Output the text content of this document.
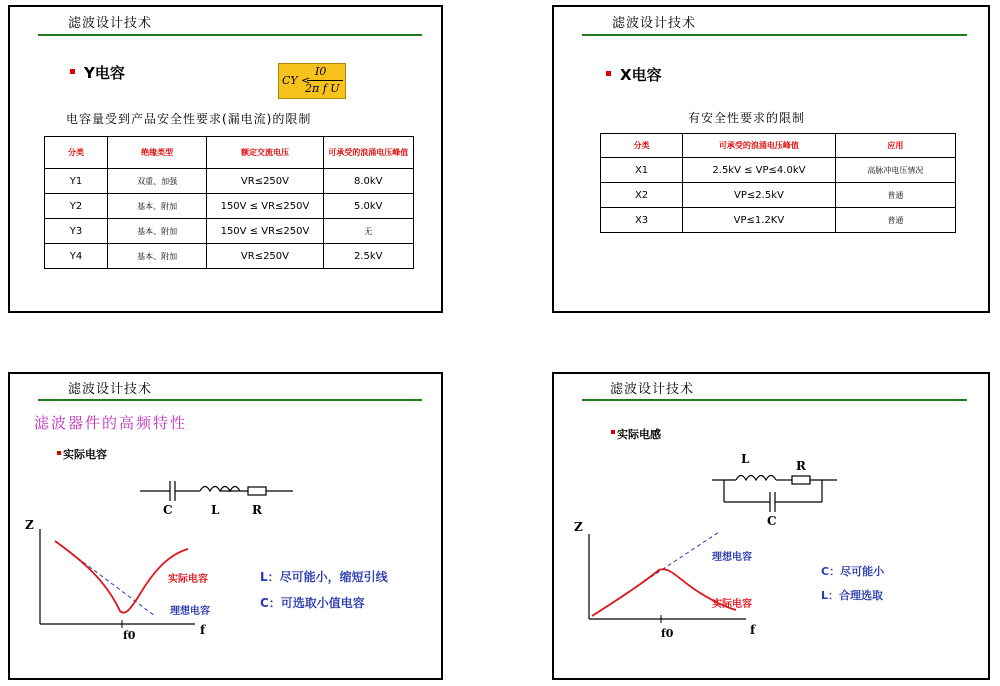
滤波设计技术
Y电容	CY <
I0
2π f U
电容量受到产品安全性要求(漏电流)的限制
分类	绝缘类型	额定交流电压	可承受的浪涌电压峰值
Y1	双重、加强	VR≤250V	8.0kV
Y2	基本、附加	150V ≤ VR≤250V	5.0kV
Y3	基本、附加	150V ≤ VR≤250V	无
Y4	基本、附加	VR≤250V	2.5kV
滤波设计技术
X电容
有安全性要求的限制
分类	可承受的浪涌电压峰值	应用
X1	2.5kV ≤ VP≤4.0kV	高脉冲电压情况
X2	VP≤2.5kV	普通
X3	VP≤1.2KV	普通
滤波设计技术
滤波器件的高频特性
实际电容
C	L	R
Z
f
f0
实际电容
理想电容
L：尽可能小，缩短引线
C：可选取小值电容
滤波设计技术
实际电感
L	R
C
Z
f
f0
理想电容
实际电容
C：尽可能小
L：合理选取
